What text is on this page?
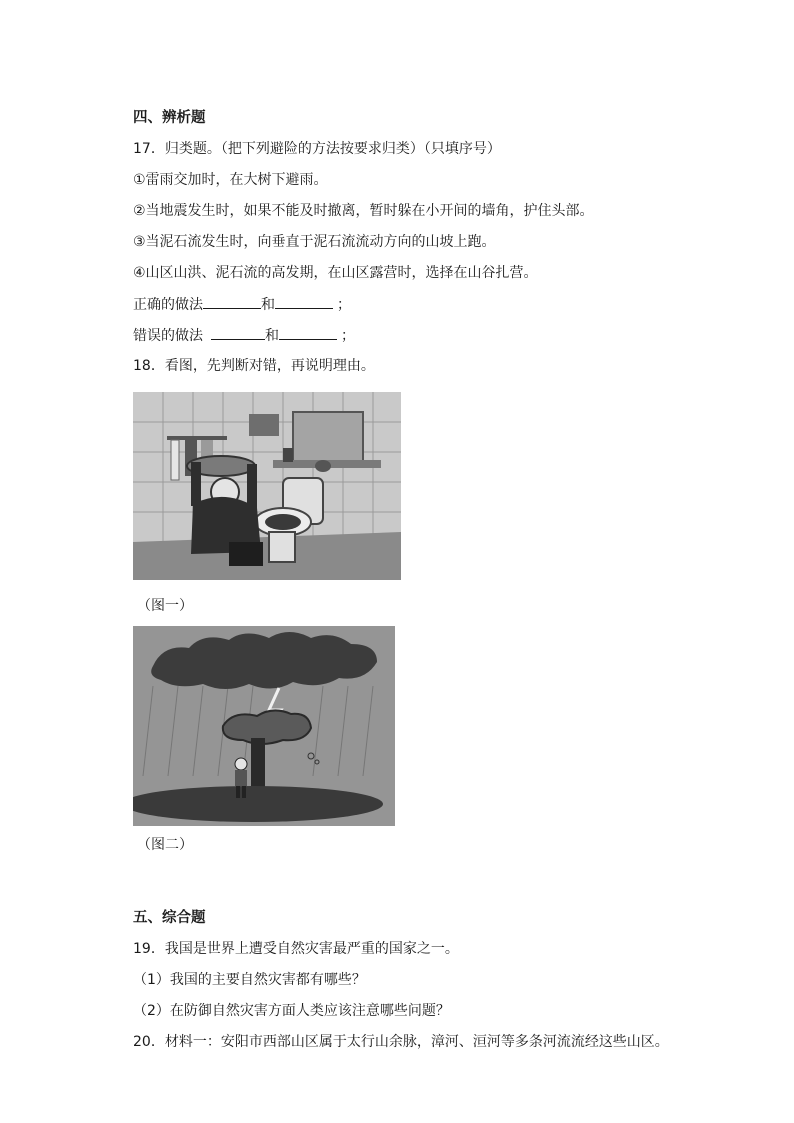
四、辨析题
17．归类题。（把下列避险的方法按要求归类）（只填序号）
①雷雨交加时，在大树下避雨。
②当地震发生时，如果不能及时撤离，暂时躲在小开间的墙角，护住头部。
③当泥石流发生时，向垂直于泥石流流动方向的山坡上跑。
④山区山洪、泥石流的高发期，在山区露营时，选择在山谷扎营。
正确的做法	和	；
错误的做法	和	；
18．看图，先判断对错，再说明理由。
（图一）
（图二）
五、综合题
19．我国是世界上遭受自然灾害最严重的国家之一。
（1）我国的主要自然灾害都有哪些？
（2）在防御自然灾害方面人类应该注意哪些问题？
20．材料一：安阳市西部山区属于太行山余脉，漳河、洹河等多条河流流经这些山区。
